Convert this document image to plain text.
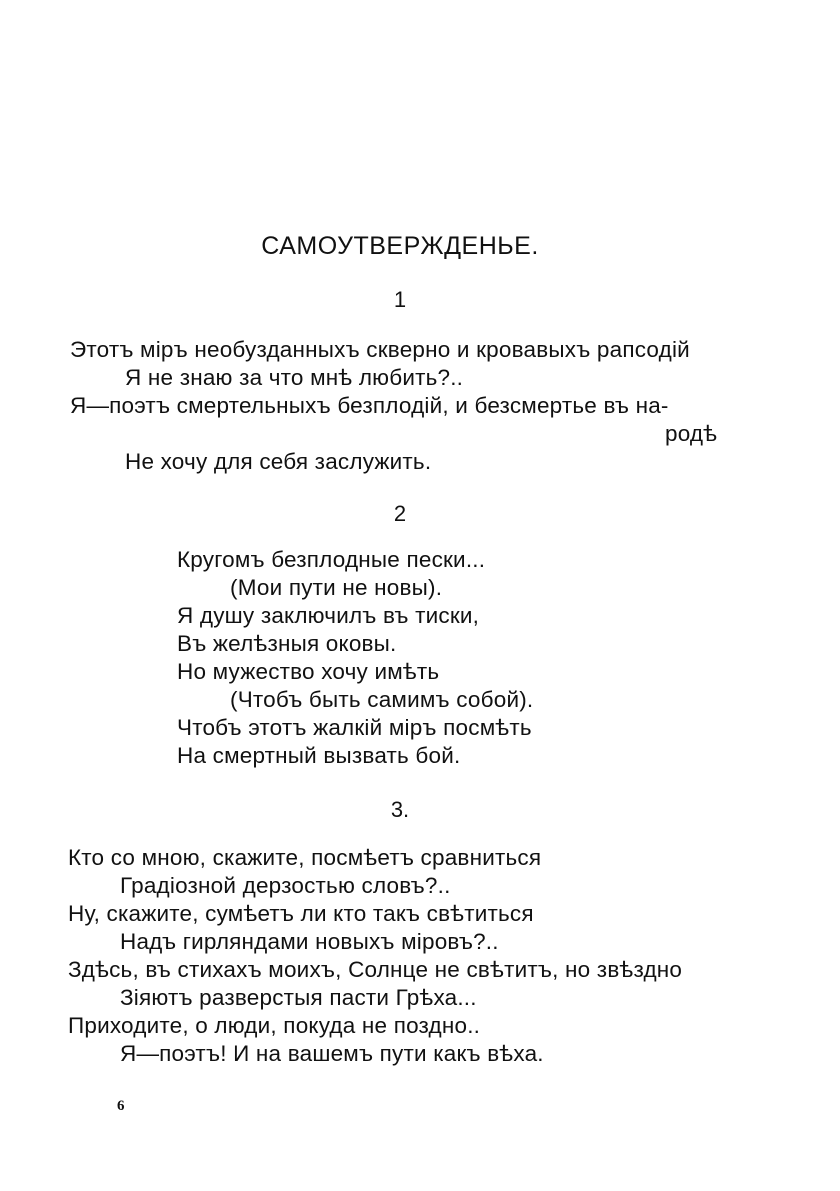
САМОУТВЕРЖДЕНЬЕ.
1
Этотъ міръ необузданныхъ скверно и кровавыхъ рапсодій
Я не знаю за что мнѣ любить?..
Я—поэтъ смертельныхъ безплодій, и безсмертье въ на-
родѣ
Не хочу для себя заслужить.
2
Кругомъ безплодные пески...
(Мои пути не новы).
Я душу заключилъ въ тиски,
Въ желѣзныя оковы.
Но мужество хочу имѣть
(Чтобъ быть самимъ собой).
Чтобъ этотъ жалкій міръ посмѣть
На смертный вызвать бой.
3.
Кто со мною, скажите, посмѣетъ сравниться
Градіозной дерзостью словъ?..
Ну, скажите, сумѣетъ ли кто такъ свѣтиться
Надъ гирляндами новыхъ міровъ?..
Здѣсь, въ стихахъ моихъ, Солнце не свѣтитъ, но звѣздно
Зіяютъ разверстыя пасти Грѣха...
Приходите, о люди, покуда не поздно..
Я—поэтъ! И на вашемъ пути какъ вѣха.
6
